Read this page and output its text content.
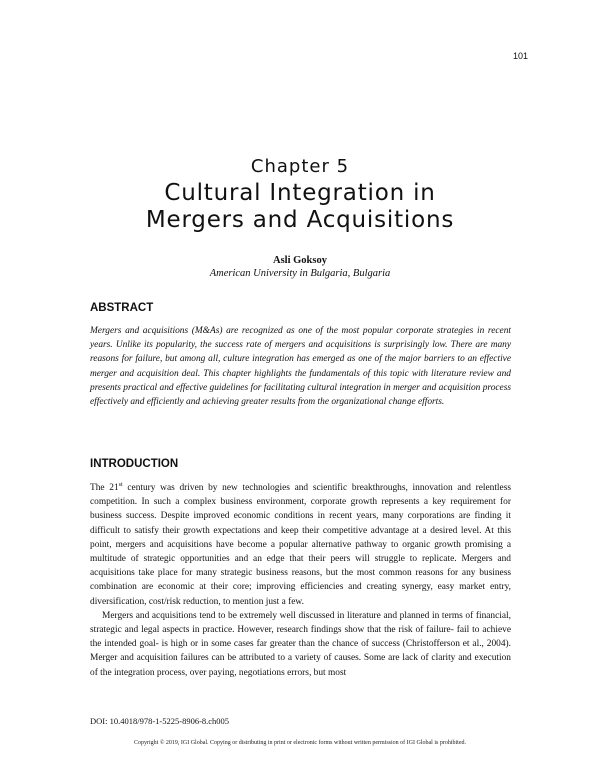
101
Chapter 5
Cultural Integration in
Mergers and Acquisitions
Asli Goksoy
American University in Bulgaria, Bulgaria
ABSTRACT

Mergers and acquisitions (M&As) are recognized as one of the most popular corporate strategies in recent years. Unlike its popularity, the success rate of mergers and acquisitions is surprisingly low. There are many reasons for failure, but among all, culture integration has emerged as one of the major barriers to an effective merger and acquisition deal. This chapter highlights the fundamentals of this topic with literature review and presents practical and effective guidelines for facilitating cultural integration in merger and acquisition process effectively and efficiently and achieving greater results from the organizational change efforts.

INTRODUCTION

The 21st century was driven by new technologies and scientific breakthroughs, innovation and relentless competition. In such a complex business environment, corporate growth represents a key requirement for business success. Despite improved economic conditions in recent years, many corporations are finding it difficult to satisfy their growth expectations and keep their competitive advantage at a desired level. At this point, mergers and acquisitions have become a popular alternative pathway to organic growth promising a multitude of strategic opportunities and an edge that their peers will struggle to replicate. Mergers and acquisitions take place for many strategic business reasons, but the most common reasons for any business combination are economic at their core; improving efficiencies and creating synergy, easy market entry, diversification, cost/risk reduction, to mention just a few.

Mergers and acquisitions tend to be extremely well discussed in literature and planned in terms of financial, strategic and legal aspects in practice. However, research findings show that the risk of failure- fail to achieve the intended goal- is high or in some cases far greater than the chance of success (Christofferson et al., 2004). Merger and acquisition failures can be attributed to a variety of causes. Some are lack of clarity and execution of the integration process, over paying, negotiations errors, but most

DOI: 10.4018/978-1-5225-8906-8.ch005
Copyright © 2019, IGI Global. Copying or distributing in print or electronic forms without written permission of IGI Global is prohibited.
